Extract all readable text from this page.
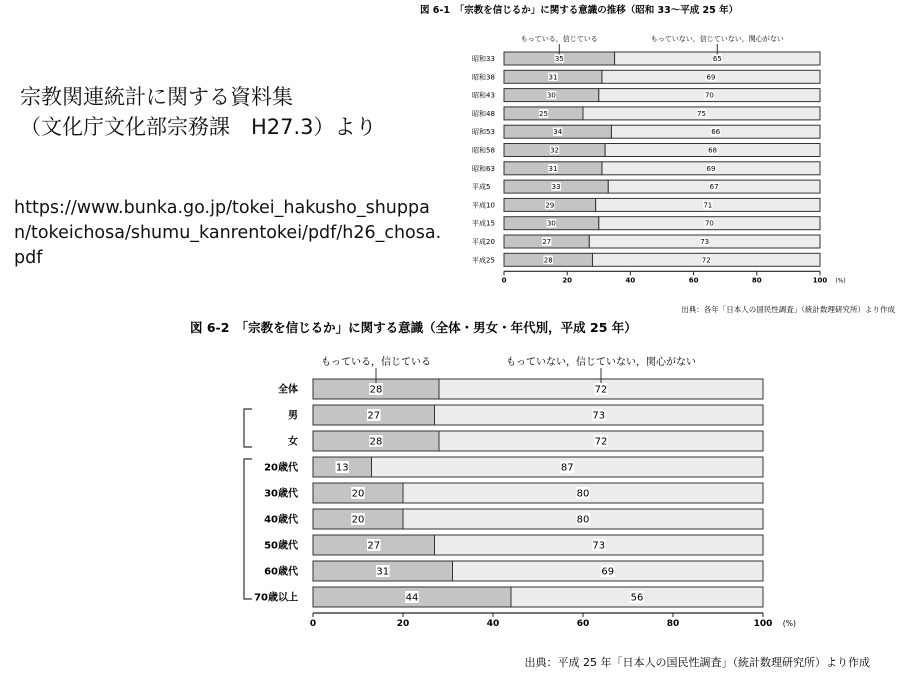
宗教関連統計に関する資料集
（文化庁文化部宗務課　H27.3）より
https://www.bunka.go.jp/tokei_hakusho_shuppan/tokeichosa/shumu_kanrentokei/pdf/h26_chosa.pdf
図 6-1　「宗教を信じるか」に関する意識の推移（昭和 33〜平成 25 年）
昭和33	35	65
昭和38	31	69
昭和43	30	70
昭和48	25	75
昭和53	34	66
昭和58	32	68
昭和63	31	69
平成5	33	67
平成10	29	71
平成15	30	70
平成20	27	73
平成25	28	72
もっている，信じている	もっていない，信じていない，関心がない
0	20	40	60	80	100 (%)
出典：各年「日本人の国民性調査」（統計数理研究所）より作成
図 6-2　「宗教を信じるか」に関する意識（全体・男女・年代別，平成 25 年）
全体	28	72
男	27	73
女	28	72
20歳代	13	87
30歳代	20	80
40歳代	20	80
50歳代	27	73
60歳代	31	69
70歳以上	44	56
もっている，信じている	もっていない，信じていない，関心がない
0	20	40	60	80	100 (%)
出典：平成 25 年「日本人の国民性調査」（統計数理研究所）より作成
